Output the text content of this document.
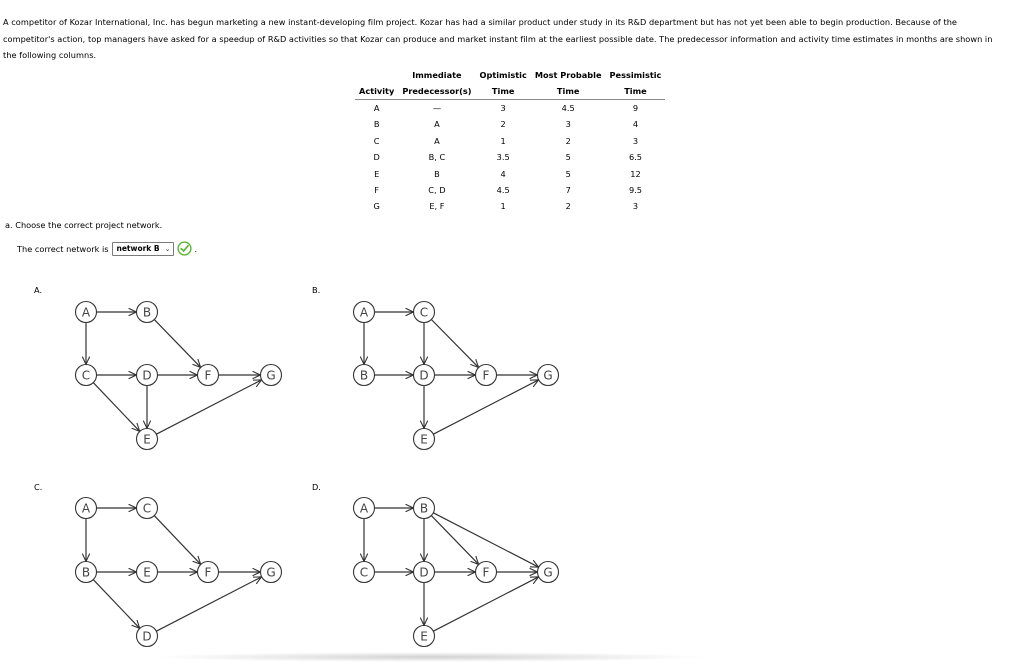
A competitor of Kozar International, Inc. has begun marketing a new instant-developing film project. Kozar has had a similar product under study in its R&D department but has not yet been able to begin production. Because of the
competitor's action, top managers have asked for a speedup of R&D activities so that Kozar can produce and market instant film at the earliest possible date. The predecessor information and activity time estimates in months are shown in
the following columns.
	Immediate	Optimistic	Most Probable	Pessimistic
Activity	Predecessor(s)	Time	Time	Time
A	—	3	4.5	9
B	A	2	3	4
C	A	1	2	3
D	B, C	3.5	5	6.5
E	B	4	5	12
F	C, D	4.5	7	9.5
G	E, F	1	2	3
a. Choose the correct project network.
The correct network is network B ⌄	.
A.	B.
C.	D.
A	B
C	D	F	G
E
A	C
B	D	F	G
E
A	C
B	E	F	G
D
A	B
C	D	F	G
E
